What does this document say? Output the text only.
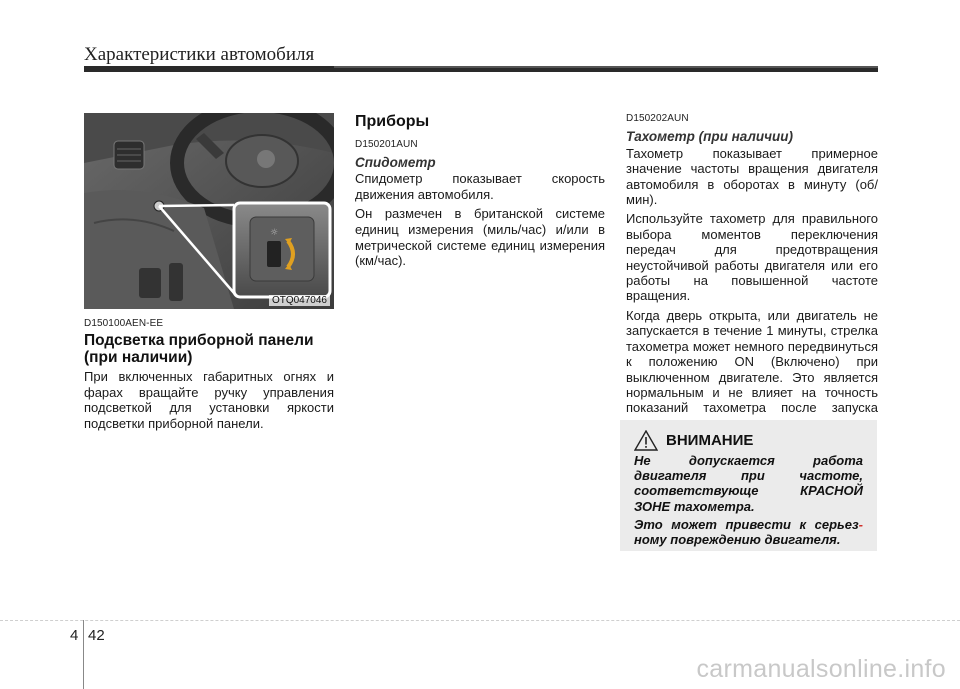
Характеристики автомобиля
☼
OTQ047046
D150100AEN-EE
Подсветка приборной панели
(при наличии)

При включенных габаритных огнях и фарах вращайте ручку управления подсветкой для установки яркости подсветки приборной панели.

Приборы
D150201AUN
Спидометр

Спидометр показывает скорость движения автомобиля.

Он размечен в британской системе единиц измерения (миль/час) и/или в метрической системе единиц измерения (км/час).

D150202AUN
Тахометр (при наличии)

Тахометр показывает примерное значение частоты вращения двигателя автомобиля в оборотах в минуту (об/мин).

Используйте тахометр для правильного выбора моментов переключения передач для предотвращения неустойчивой работы двигателя или его работы на повышенной частоте вращения.

Когда дверь открыта, или двигатель не запускается в течение 1 минуты, стрелка тахометра может немного передвинуться к положению ON (Включено) при выключенном двигателе. Это является нормальным и не влияет на точность показаний тахометра после запуска

ВНИМАНИЕ

Не допускается работа двигателя при частоте, соответствующе КРАСНОЙ ЗОНЕ тахометра.

Это может привести к серьез- ному повреждению двигателя.

4 42
carmanualsonline.info
